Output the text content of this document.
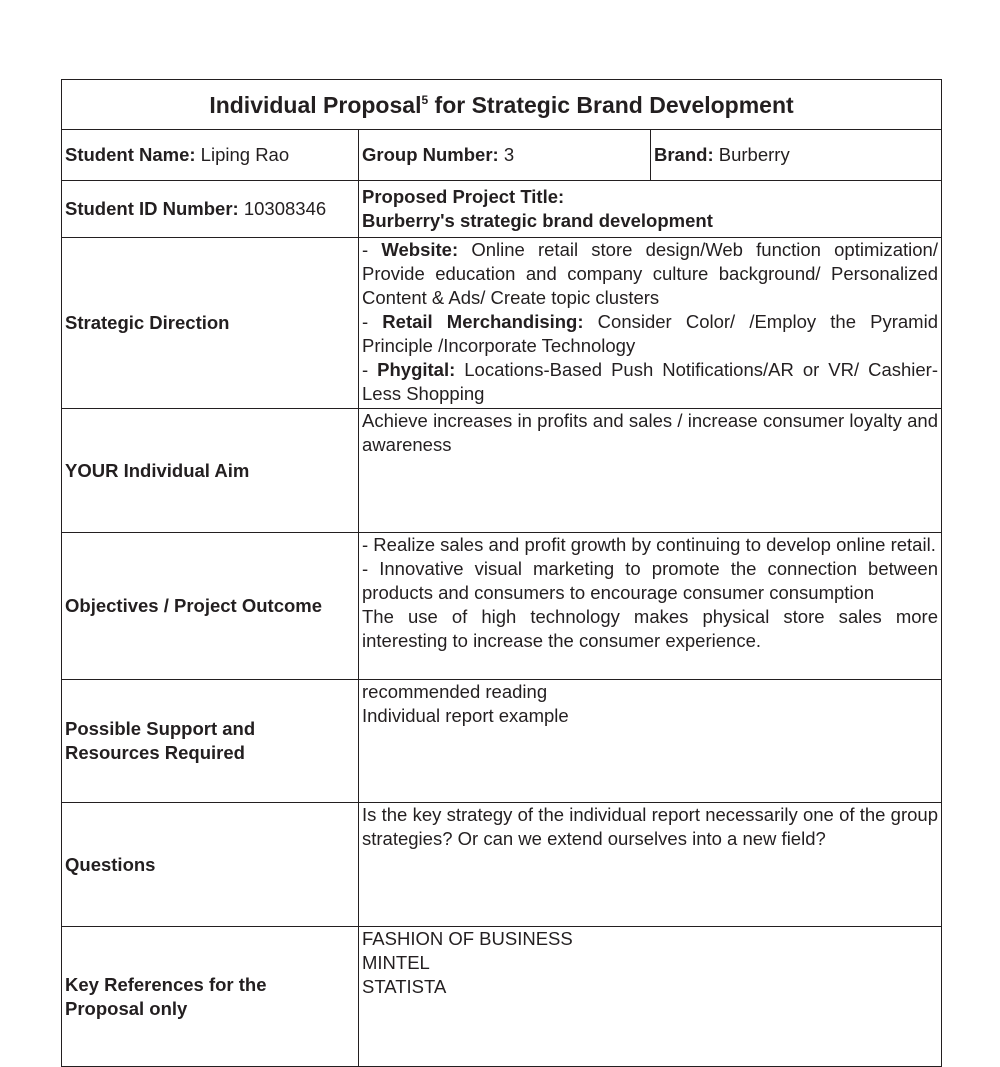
Individual Proposal$^5$ for Strategic Brand Development		
Student Name: Liping Rao	Group Number: 3	Brand: Burberry
Student ID Number: 10308346	Proposed Project Title:
Burberry's strategic brand development	

Strategic Direction	- Website: Online retail store design/Web function optimization/ Provide education and company culture background/ Personalized Content & Ads/ Create topic clusters
- Retail Merchandising: Consider Color/ /Employ the Pyramid Principle /Incorporate Technology
- Phygital: Locations-Based Push Notifications/AR or VR/ Cashier-Less Shopping	

YOUR Individual Aim	Achieve increases in profits and sales / increase consumer loyalty and awareness	
Objectives / Project Outcome	- Realize sales and profit growth by continuing to develop online retail.
- Innovative visual marketing to promote the connection between products and consumers to encourage consumer consumption
The use of high technology makes physical store sales more interesting to increase the consumer experience.	

Possible Support and
Resources Required	recommended reading
Individual report example	

Questions	Is the key strategy of the individual report necessarily one of the group strategies? Or can we extend ourselves into a new field?	

Key References for the
Proposal only	FASHION OF BUSINESS
MINTEL
STATISTA	
